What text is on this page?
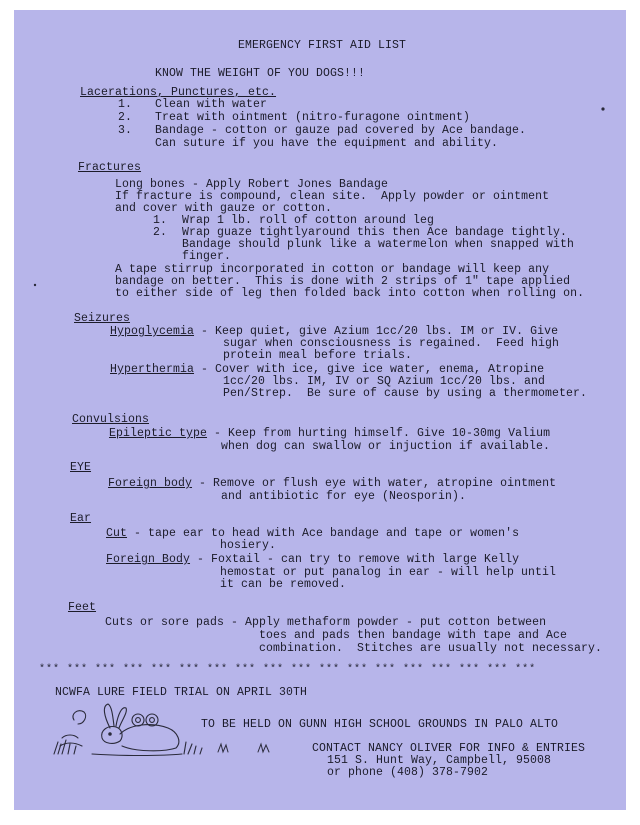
EMERGENCY FIRST AID LIST
KNOW THE WEIGHT OF YOU DOGS!!!
Lacerations, Punctures, etc.
1. Clean with water
2. Treat with ointment (nitro-furagone ointment)
3. Bandage - cotton or gauze pad covered by Ace bandage.
Can suture if you have the equipment and ability.
Fractures
Long bones - Apply Robert Jones Bandage
If fracture is compound, clean site.  Apply powder or ointment
and cover with gauze or cotton.
1. Wrap 1 lb. roll of cotton around leg
2. Wrap guaze tightlyaround this then Ace bandage tightly.
Bandage should plunk like a watermelon when snapped with
finger.
A tape stirrup incorporated in cotton or bandage will keep any
bandage on better.  This is done with 2 strips of 1" tape applied
to either side of leg then folded back into cotton when rolling on.
Seizures
Hypoglycemia - Keep quiet, give Azium 1cc/20 lbs. IM or IV. Give
sugar when consciousness is regained.  Feed high
protein meal before trials.
Hyperthermia - Cover with ice, give ice water, enema, Atropine
1cc/20 lbs. IM, IV or SQ Azium 1cc/20 lbs. and
Pen/Strep.  Be sure of cause by using a thermometer.
Convulsions
Epileptic type - Keep from hurting himself. Give 10-30mg Valium
when dog can swallow or injuction if available.
EYE
Foreign body - Remove or flush eye with water, atropine ointment
and antibiotic for eye (Neosporin).
Ear
Cut - tape ear to head with Ace bandage and tape or women's
hosiery.
Foreign Body - Foxtail - can try to remove with large Kelly
hemostat or put panalog in ear - will help until
it can be removed.
Feet
Cuts or sore pads - Apply methaform powder - put cotton between
toes and pads then bandage with tape and Ace
combination.  Stitches are usually not necessary.
*** *** *** *** *** *** *** *** *** *** *** *** *** *** *** *** *** ***
NCWFA LURE FIELD TRIAL ON APRIL 30TH
TO BE HELD ON GUNN HIGH SCHOOL GROUNDS IN PALO ALTO
CONTACT NANCY OLIVER FOR INFO & ENTRIES
151 S. Hunt Way, Campbell, 95008
or phone (408) 378-7902
